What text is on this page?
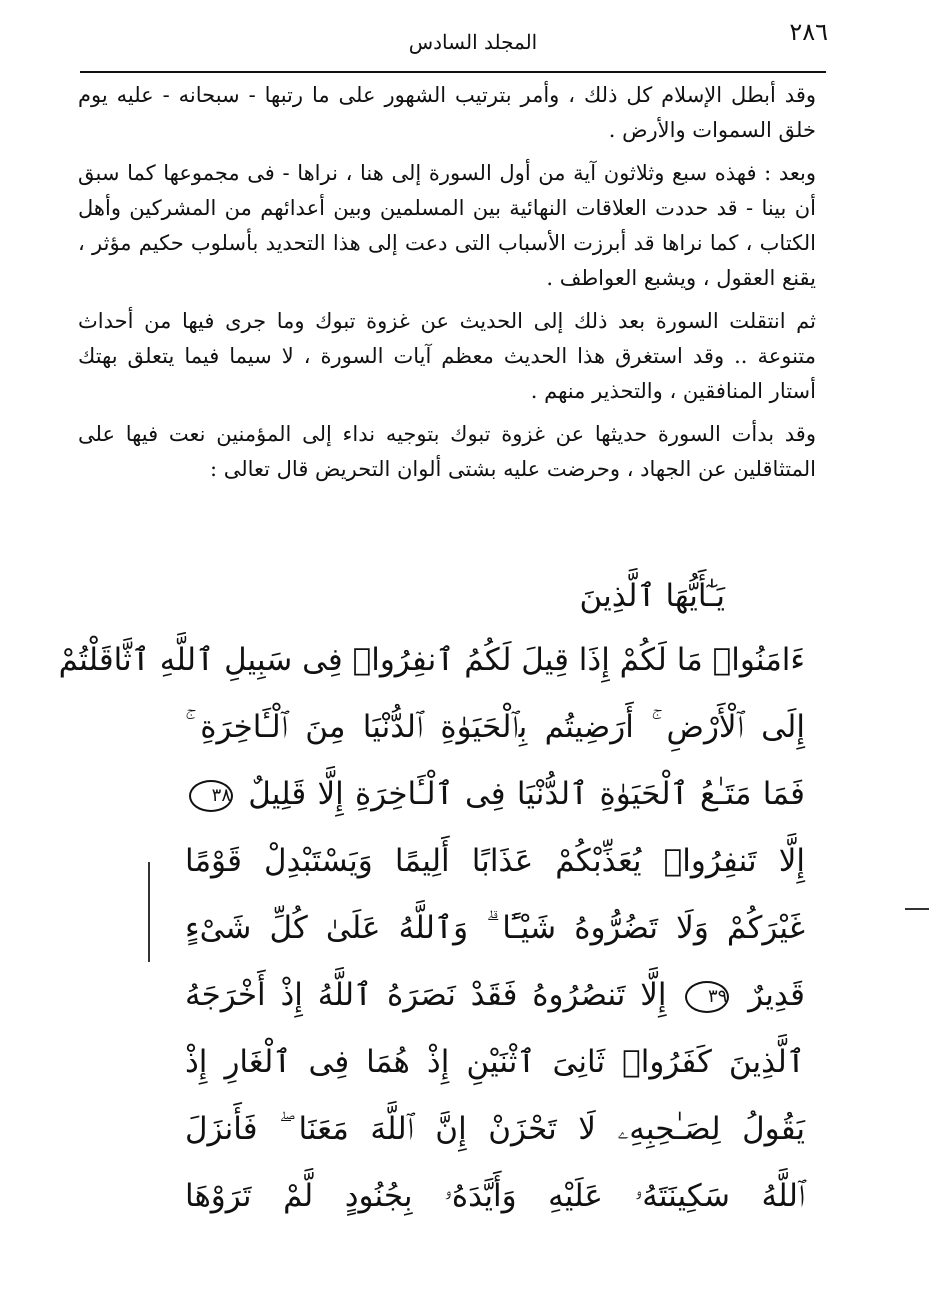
٢٨٦
المجلد السادس

وقد أبطل الإسلام كل ذلك ، وأمر بترتيب الشهور على ما رتبها - سبحانه - عليه يوم خلق السموات والأرض .

وبعد : فهذه سبع وثلاثون آية من أول السورة إلى هنا ، نراها - فى مجموعها كما سبق أن بينا - قد حددت العلاقات النهائية بين المسلمين وبين أعدائهم من المشركين وأهل الكتاب ، كما نراها قد أبرزت الأسباب التى دعت إلى هذا التحديد بأسلوب حكيم مؤثر ، يقنع العقول ، ويشبع العواطف .

ثم انتقلت السورة بعد ذلك إلى الحديث عن غزوة تبوك وما جرى فيها من أحداث متنوعة .. وقد استغرق هذا الحديث معظم آيات السورة ، لا سيما فيما يتعلق بهتك أستار المنافقين ، والتحذير منهم .

وقد بدأت السورة حديثها عن غزوة تبوك بتوجيه نداء إلى المؤمنين نعت فيها على المتثاقلين عن الجهاد ، وحرضت عليه بشتى ألوان التحريض قال تعالى :

يَـٰٓأَيُّهَا ٱلَّذِينَ
ءَامَنُوا۟ مَا لَكُمْ إِذَا قِيلَ لَكُمُ ٱنفِرُوا۟ فِى سَبِيلِ ٱللَّهِ ٱثَّاقَلْتُمْ
إِلَى ٱلْأَرْضِ ۚ أَرَضِيتُم بِٱلْحَيَوٰةِ ٱلدُّنْيَا مِنَ ٱلْـَٔاخِرَةِ ۚ
فَمَا مَتَـٰعُ ٱلْحَيَوٰةِ ٱلدُّنْيَا فِى ٱلْـَٔاخِرَةِ إِلَّا قَلِيلٌ ٣٨
إِلَّا تَنفِرُوا۟ يُعَذِّبْكُمْ عَذَابًا أَلِيمًا وَيَسْتَبْدِلْ قَوْمًا
غَيْرَكُمْ وَلَا تَضُرُّوهُ شَيْـًٔا ۗ وَٱللَّهُ عَلَىٰ كُلِّ شَىْءٍ
قَدِيرٌ ٣٩ إِلَّا تَنصُرُوهُ فَقَدْ نَصَرَهُ ٱللَّهُ إِذْ أَخْرَجَهُ
ٱلَّذِينَ كَفَرُوا۟ ثَانِىَ ٱثْنَيْنِ إِذْ هُمَا فِى ٱلْغَارِ إِذْ
يَقُولُ لِصَـٰحِبِهِۦ لَا تَحْزَنْ إِنَّ ٱللَّهَ مَعَنَا ۖ فَأَنزَلَ
ٱللَّهُ سَكِينَتَهُۥ عَلَيْهِ وَأَيَّدَهُۥ بِجُنُودٍ لَّمْ تَرَوْهَا
